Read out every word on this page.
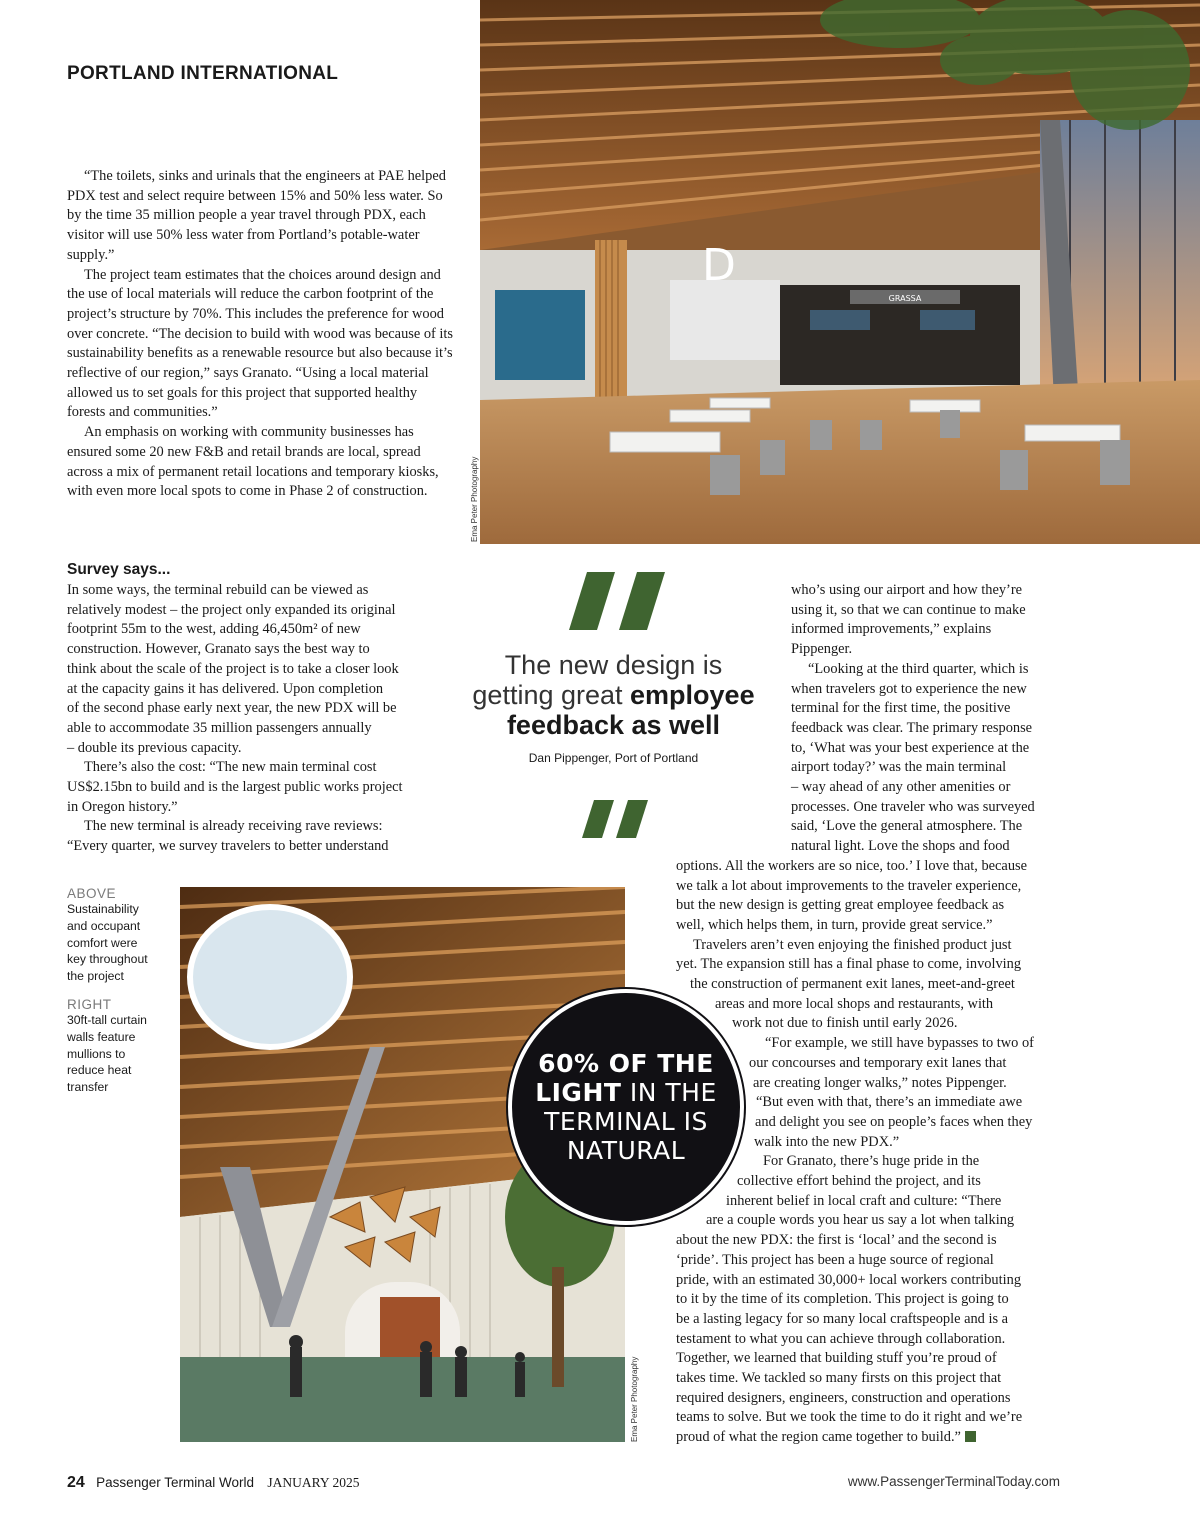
PORTLAND INTERNATIONAL

“The toilets, sinks and urinals that the engineers at PAE helped PDX test and select require between 15% and 50% less water. So by the time 35 million people a year travel through PDX, each visitor will use 50% less water from Portland’s potable-water supply.”

The project team estimates that the choices around design and the use of local materials will reduce the carbon footprint of the project’s structure by 70%. This includes the preference for wood over concrete. “The decision to build with wood was because of its sustainability benefits as a renewable resource but also because it’s reflective of our region,” says Granato. “Using a local material allowed us to set goals for this project that supported healthy forests and communities.”

An emphasis on working with community businesses has ensured some 20 new F&B and retail brands are local, spread across a mix of permanent retail locations and temporary kiosks, with even more local spots to come in Phase 2 of construction.

Survey says...
In some ways, the terminal rebuild can be viewed as
relatively modest – the project only expanded its original
footprint 55m to the west, adding 46,450m² of new
construction. However, Granato says the best way to
think about the scale of the project is to take a closer look
at the capacity gains it has delivered. Upon completion
of the second phase early next year, the new PDX will be
able to accommodate 35 million passengers annually
– double its previous capacity.
There’s also the cost: “The new main terminal cost
US$2.15bn to build and is the largest public works project
in Oregon history.”
The new terminal is already receiving rave reviews:
“Every quarter, we survey travelers to better understand
D
GRASSA
Ema Peter Photography
The new design is
getting great employee
feedback as well
Dan Pippenger, Port of Portland
ABOVE
Sustainability
and occupant
comfort were
key throughout
the project
RIGHT
30ft-tall curtain
walls feature
mullions to
reduce heat
transfer
Ema Peter Photography
60% OF THE
LIGHT IN THE
TERMINAL IS
NATURAL
who’s using our airport and how they’re
using it, so that we can continue to make
informed improvements,” explains
Pippenger.
“Looking at the third quarter, which is
when travelers got to experience the new
terminal for the first time, the positive
feedback was clear. The primary response
to, ‘What was your best experience at the
airport today?’ was the main terminal
– way ahead of any other amenities or
processes. One traveler who was surveyed
said, ‘Love the general atmosphere. The
natural light. Love the shops and food
options. All the workers are so nice, too.’ I love that, because
we talk a lot about improvements to the traveler experience,
but the new design is getting great employee feedback as
well, which helps them, in turn, provide great service.”
Travelers aren’t even enjoying the finished product just
yet. The expansion still has a final phase to come, involving
the construction of permanent exit lanes, meet-and-greet
areas and more local shops and restaurants, with
work not due to finish until early 2026.
“For example, we still have bypasses to two of
our concourses and temporary exit lanes that
are creating longer walks,” notes Pippenger.
“But even with that, there’s an immediate awe
and delight you see on people’s faces when they
walk into the new PDX.”
For Granato, there’s huge pride in the
collective effort behind the project, and its
inherent belief in local craft and culture: “There
are a couple words you hear us say a lot when talking
about the new PDX: the first is ‘local’ and the second is
‘pride’. This project has been a huge source of regional
pride, with an estimated 30,000+ local workers contributing
to it by the time of its completion. This project is going to
be a lasting legacy for so many local craftspeople and is a
testament to what you can achieve through collaboration.
Together, we learned that building stuff you’re proud of
takes time. We tackled so many firsts on this project that
required designers, engineers, construction and operations
teams to solve. But we took the time to do it right and we’re
proud of what the region came together to build.”
24 Passenger Terminal World JANUARY 2025	www.PassengerTerminalToday.com
